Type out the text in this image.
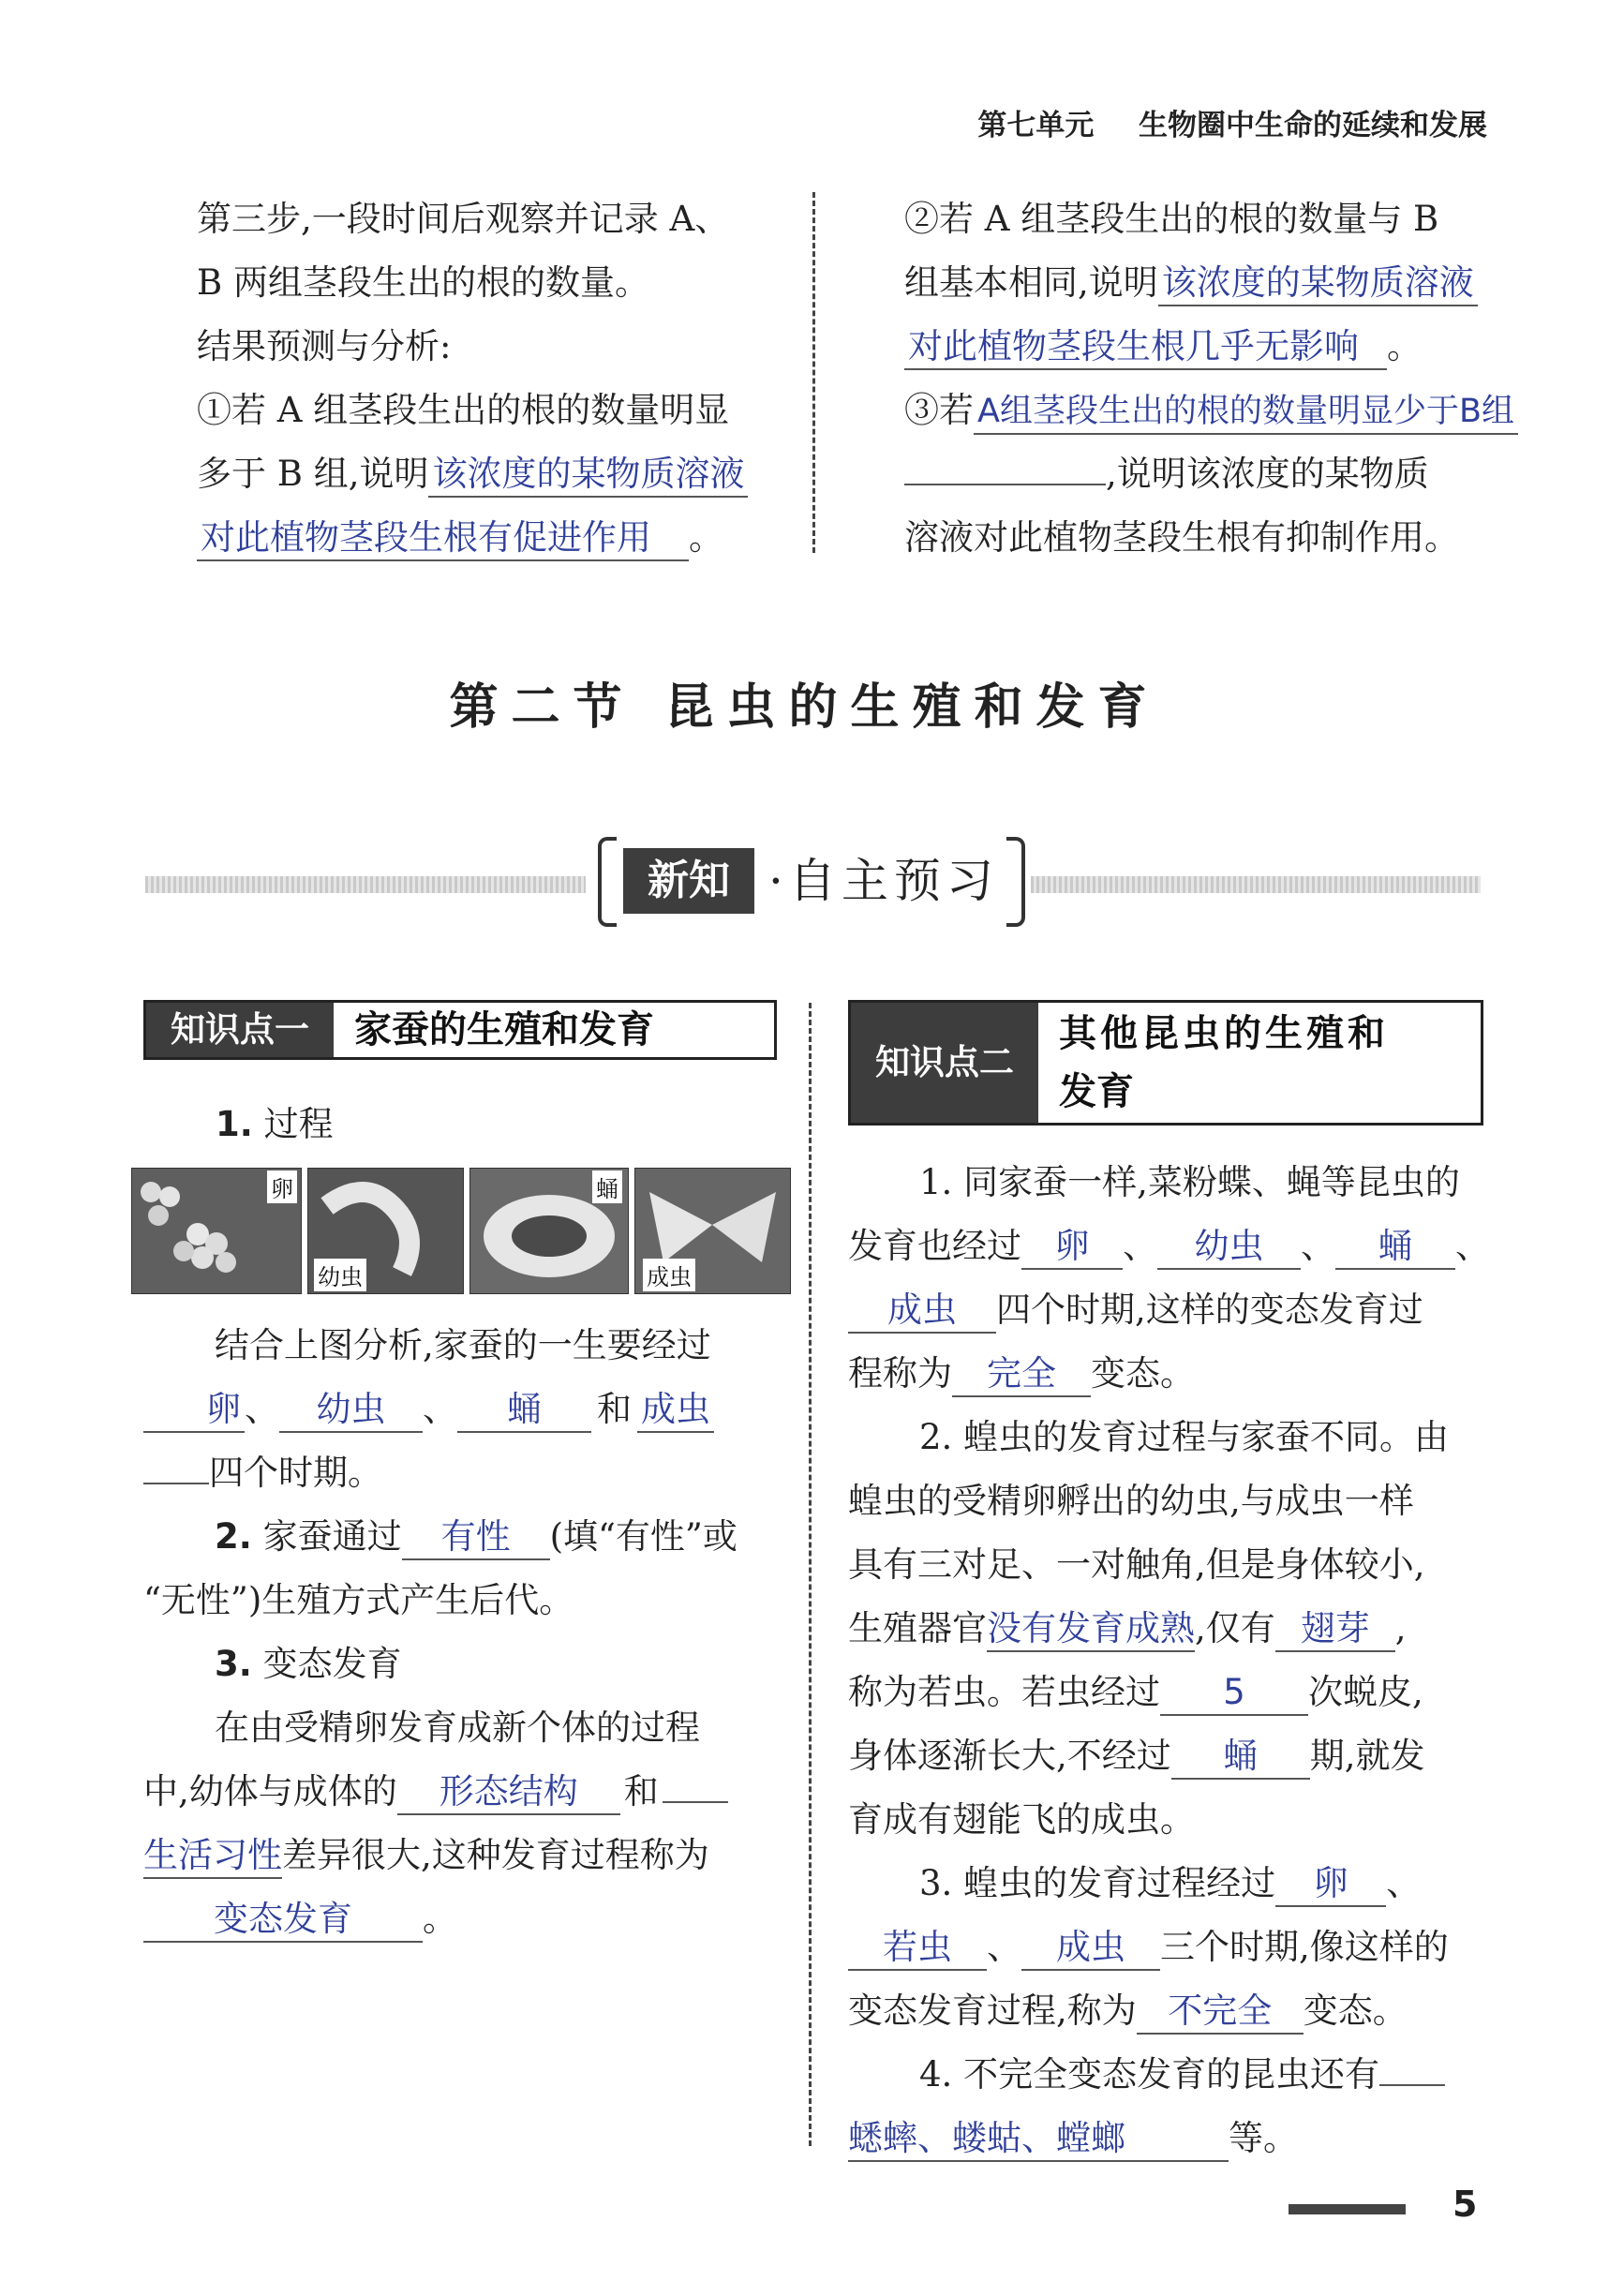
第七单元 生物圈中生命的延续和发展
第三步,一段时间后观察并记录 A、
B 两组茎段生出的根的数量。
结果预测与分析:
①若 A 组茎段生出的根的数量明显
多于 B 组,说明 该浓度的某物质溶液
对此植物茎段生根有促进作用 。
②若 A 组茎段生出的根的数量与 B
组基本相同,说明 该浓度的某物质溶液
对此植物茎段生根几乎无影响 。
③若 A组茎段生出的根的数量明显少于B组
,说明该浓度的某物质
溶液对此植物茎段生根有抑制作用。
第二节 昆虫的生殖和发育
新知 ·自主预习
知识点一	家蚕的生殖和发育
1. 过程
卵
幼虫
蛹
成虫
结合上图分析,家蚕的一生要经过
卵 、 幼虫 、 蛹 和 成虫
四个时期。
2. 家蚕通过 有性 (填“有性”或
“无性”)生殖方式产生后代。
3. 变态发育
在由受精卵发育成新个体的过程
中,幼体与成体的 形态结构 和
生活习性差异很大,这种发育过程称为
变态发育 。
知识点二
其他昆虫的生殖和
发育
1. 同家蚕一样,菜粉蝶、蝇等昆虫的
发育也经过 卵 、 幼虫 、 蛹 、
成虫 四个时期,这样的变态发育过
程称为 完全 变态。
2. 蝗虫的发育过程与家蚕不同。由
蝗虫的受精卵孵出的幼虫,与成虫一样
具有三对足、一对触角,但是身体较小,
生殖器官没有发育成熟,仅有 翅芽 ,
称为若虫。若虫经过 5 次蜕皮,
身体逐渐长大,不经过 蛹 期,就发
育成有翅能飞的成虫。
3. 蝗虫的发育过程经过 卵 、
若虫 、 成虫 三个时期,像这样的
变态发育过程,称为 不完全 变态。
4. 不完全变态发育的昆虫还有
蟋蟀、蝼蛄、螳螂	等。
5
